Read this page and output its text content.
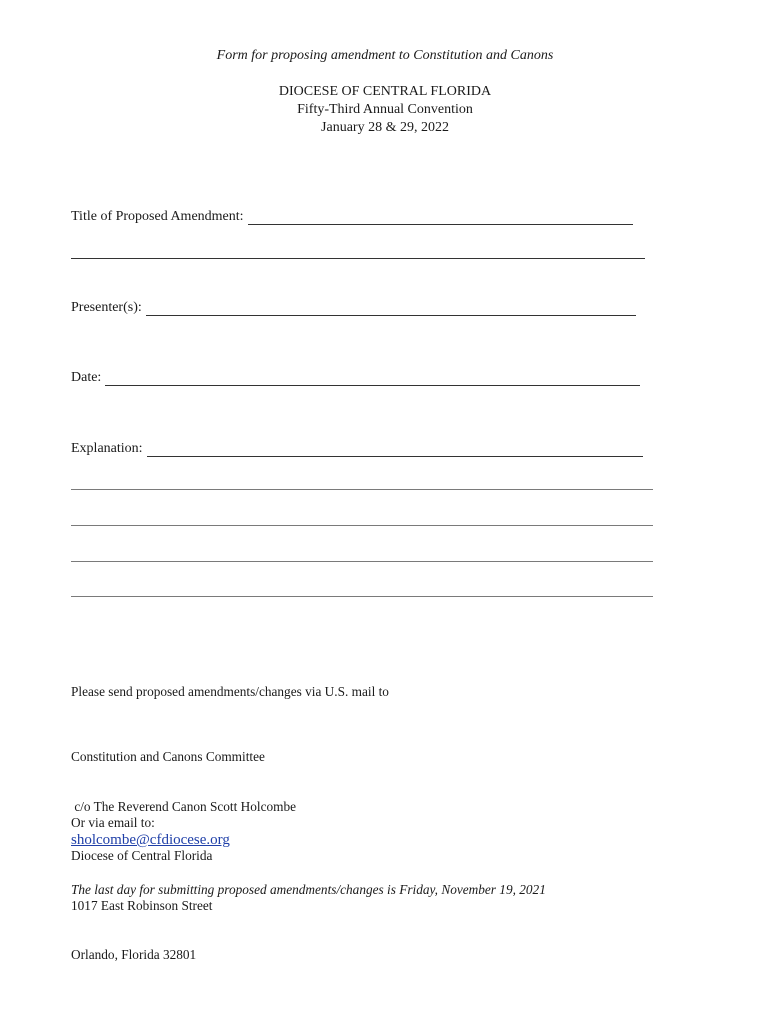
Form for proposing amendment to Constitution and Canons
DIOCESE OF CENTRAL FLORIDA
Fifty-Third Annual Convention
January 28 & 29, 2022
Title of Proposed Amendment:
Presenter(s):
Date:
Explanation:
Please send proposed amendments/changes via U.S. mail to

Constitution and Canons Committee

c/o The Reverend Canon Scott Holcombe

Diocese of Central Florida

1017 East Robinson Street

Orlando, Florida 32801

Or via email to:
sholcombe@cfdiocese.org
The last day for submitting proposed amendments/changes is Friday, November 19, 2021
